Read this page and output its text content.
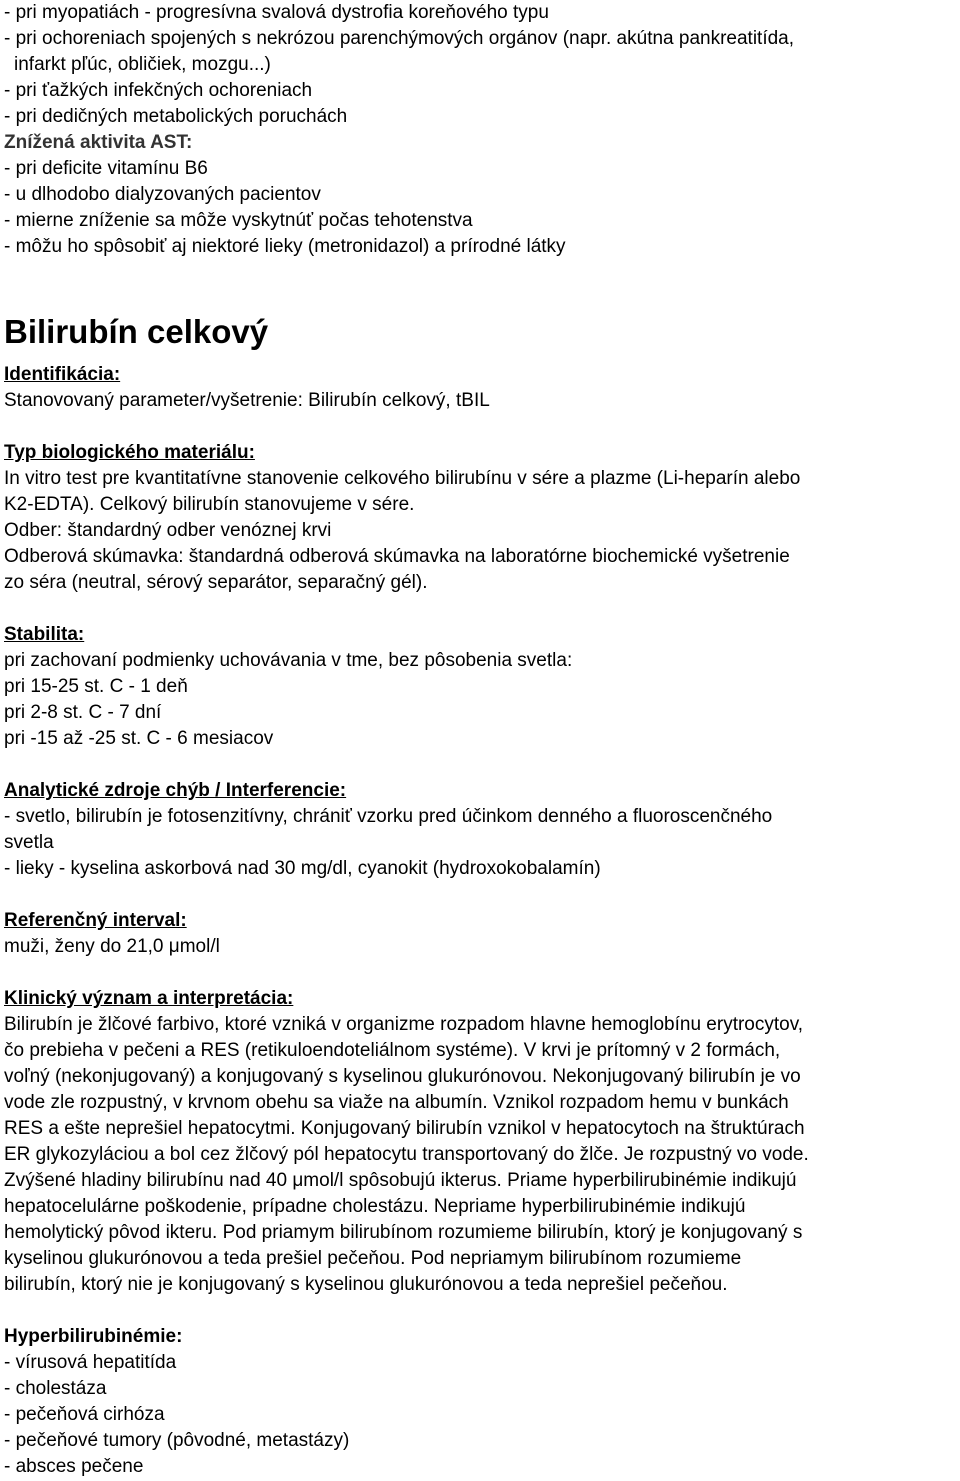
- pri myopatiách - progresívna svalová dystrofia koreňového typu
- pri ochoreniach spojených s nekrózou parenchýmových orgánov (napr. akútna pankreatitída,
infarkt pľúc, obličiek, mozgu...)
- pri ťažkých infekčných ochoreniach
- pri dedičných metabolických poruchách
Znížená aktivita AST:
- pri deficite vitamínu B6
- u dlhodobo dialyzovaných pacientov
- mierne zníženie sa môže vyskytnúť počas tehotenstva
- môžu ho spôsobiť aj niektoré lieky (metronidazol) a prírodné látky
Bilirubín celkový
Identifikácia:
Stanovovaný parameter/vyšetrenie: Bilirubín celkový, tBIL
Typ biologického materiálu:
In vitro test pre kvantitatívne stanovenie celkového bilirubínu v sére a plazme (Li-heparín alebo
K2-EDTA). Celkový bilirubín stanovujeme v sére.
Odber: štandardný odber venóznej krvi
Odberová skúmavka: štandardná odberová skúmavka na laboratórne biochemické vyšetrenie
zo séra (neutral, sérový separátor, separačný gél).
Stabilita:
pri zachovaní podmienky uchovávania v tme, bez pôsobenia svetla:
pri 15-25 st. C - 1 deň
pri 2-8 st. C - 7 dní
pri -15 až -25 st. C - 6 mesiacov
Analytické zdroje chýb / Interferencie:
- svetlo, bilirubín je fotosenzitívny, chrániť vzorku pred účinkom denného a fluoroscenčného
svetla
- lieky - kyselina askorbová nad 30 mg/dl, cyanokit (hydroxokobalamín)
Referenčný interval:
muži, ženy do 21,0 μmol/l
Klinický význam a interpretácia:
Bilirubín je žlčové farbivo, ktoré vzniká v organizme rozpadom hlavne hemoglobínu erytrocytov,
čo prebieha v pečeni a RES (retikuloendoteliálnom systéme). V krvi je prítomný v 2 formách,
voľný (nekonjugovaný) a konjugovaný s kyselinou glukurónovou. Nekonjugovaný bilirubín je vo
vode zle rozpustný, v krvnom obehu sa viaže na albumín. Vznikol rozpadom hemu v bunkách
RES a ešte neprešiel hepatocytmi. Konjugovaný bilirubín vznikol v hepatocytoch na štruktúrach
ER glykozyláciou a bol cez žlčový pól hepatocytu transportovaný do žlče. Je rozpustný vo vode.
Zvýšené hladiny bilirubínu nad 40 μmol/l spôsobujú ikterus. Priame hyperbilirubinémie indikujú
hepatocelulárne poškodenie, prípadne cholestázu. Nepriame hyperbilirubinémie indikujú
hemolytický pôvod ikteru. Pod priamym bilirubínom rozumieme bilirubín, ktorý je konjugovaný s
kyselinou glukurónovou a teda prešiel pečeňou. Pod nepriamym bilirubínom rozumieme
bilirubín, ktorý nie je konjugovaný s kyselinou glukurónovou a teda neprešiel pečeňou.
Hyperbilirubinémie:
- vírusová hepatitída
- cholestáza
- pečeňová cirhóza
- pečeňové tumory (pôvodné, metastázy)
- absces pečene
